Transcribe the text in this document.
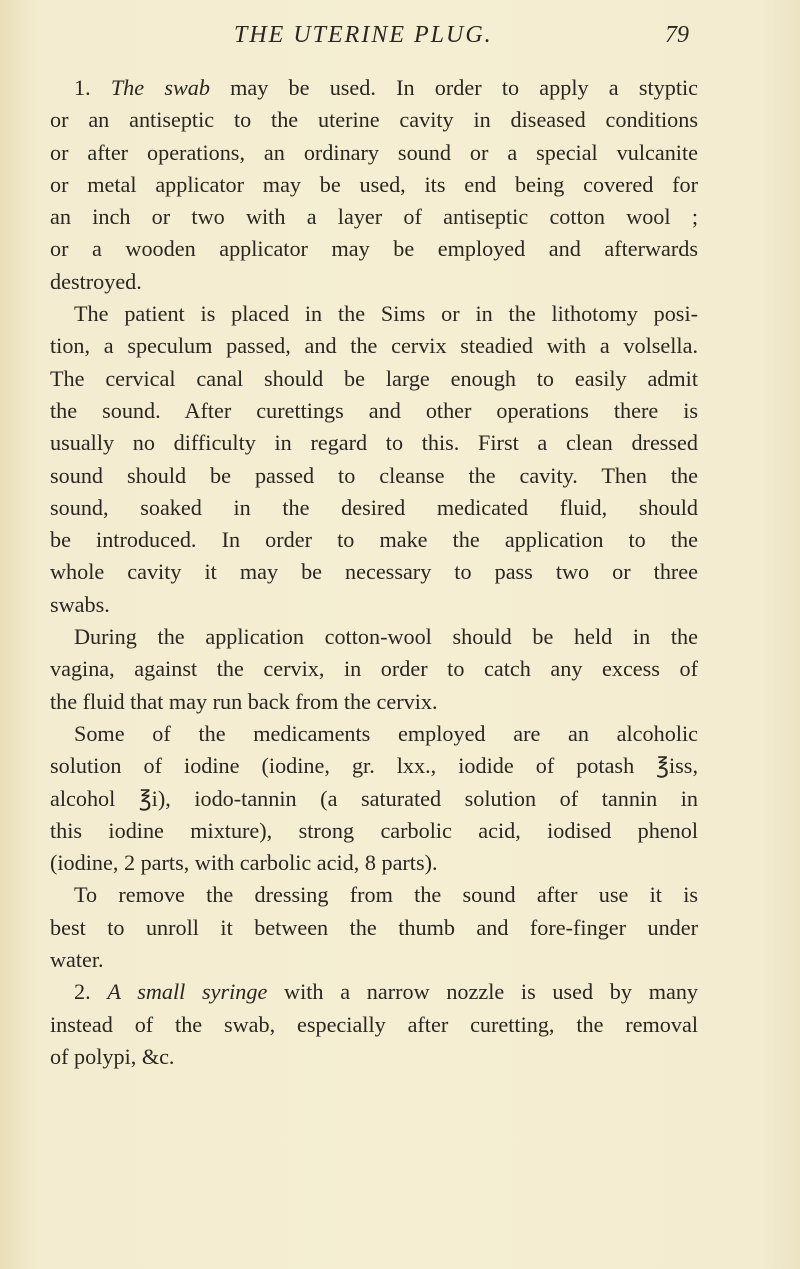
THE UTERINE PLUG.	79
1. The swab may be used. In order to apply a styptic
or an antiseptic to the uterine cavity in diseased conditions
or after operations, an ordinary sound or a special vulcanite
or metal applicator may be used, its end being covered for
an inch or two with a layer of antiseptic cotton wool ;
or a wooden applicator may be employed and afterwards
destroyed.
The patient is placed in the Sims or in the lithotomy posi-
tion, a speculum passed, and the cervix steadied with a volsella.
The cervical canal should be large enough to easily admit
the sound. After curettings and other operations there is
usually no difficulty in regard to this. First a clean dressed
sound should be passed to cleanse the cavity. Then the
sound, soaked in the desired medicated fluid, should
be introduced. In order to make the application to the
whole cavity it may be necessary to pass two or three
swabs.
During the application cotton-wool should be held in the
vagina, against the cervix, in order to catch any excess of
the fluid that may run back from the cervix.
Some of the medicaments employed are an alcoholic
solution of iodine (iodine, gr. lxx., iodide of potash ℥iss,
alcohol ℥i), iodo-tannin (a saturated solution of tannin in
this iodine mixture), strong carbolic acid, iodised phenol
(iodine, 2 parts, with carbolic acid, 8 parts).
To remove the dressing from the sound after use it is
best to unroll it between the thumb and fore-finger under
water.
2. A small syringe with a narrow nozzle is used by many
instead of the swab, especially after curetting, the removal
of polypi, &c.
